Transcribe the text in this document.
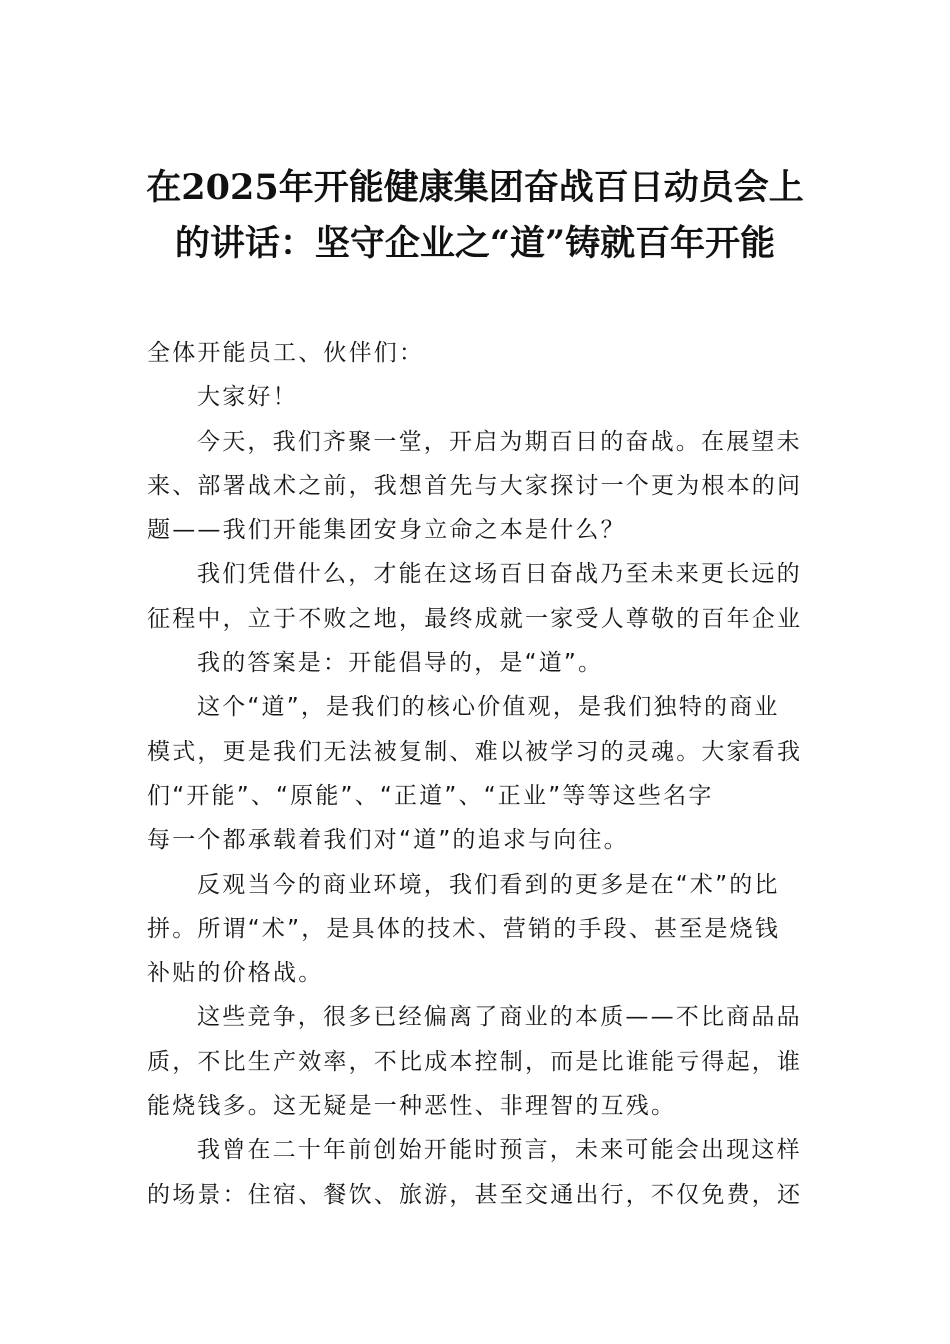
在2025年开能健康集团奋战百日动员会上
的讲话：坚守企业之“道”铸就百年开能
全体开能员工、伙伴们：
大家好！
今天，我们齐聚一堂，开启为期百日的奋战。在展望未
来、部署战术之前，我想首先与大家探讨一个更为根本的问
题——我们开能集团安身立命之本是什么？
我们凭借什么，才能在这场百日奋战乃至未来更长远的
征程中，立于不败之地，最终成就一家受人尊敬的百年企业
我的答案是：开能倡导的，是“道”。
这个“道”，是我们的核心价值观，是我们独特的商业
模式，更是我们无法被复制、难以被学习的灵魂。大家看我
们“开能”、“原能”、“正道”、“正业”等等这些名字
每一个都承载着我们对“道”的追求与向往。
反观当今的商业环境，我们看到的更多是在“术”的比
拼。所谓“术”，是具体的技术、营销的手段、甚至是烧钱
补贴的价格战。
这些竞争，很多已经偏离了商业的本质——不比商品品
质，不比生产效率，不比成本控制，而是比谁能亏得起，谁
能烧钱多。这无疑是一种恶性、非理智的互残。
我曾在二十年前创始开能时预言，未来可能会出现这样
的场景：住宿、餐饮、旅游，甚至交通出行，不仅免费，还
